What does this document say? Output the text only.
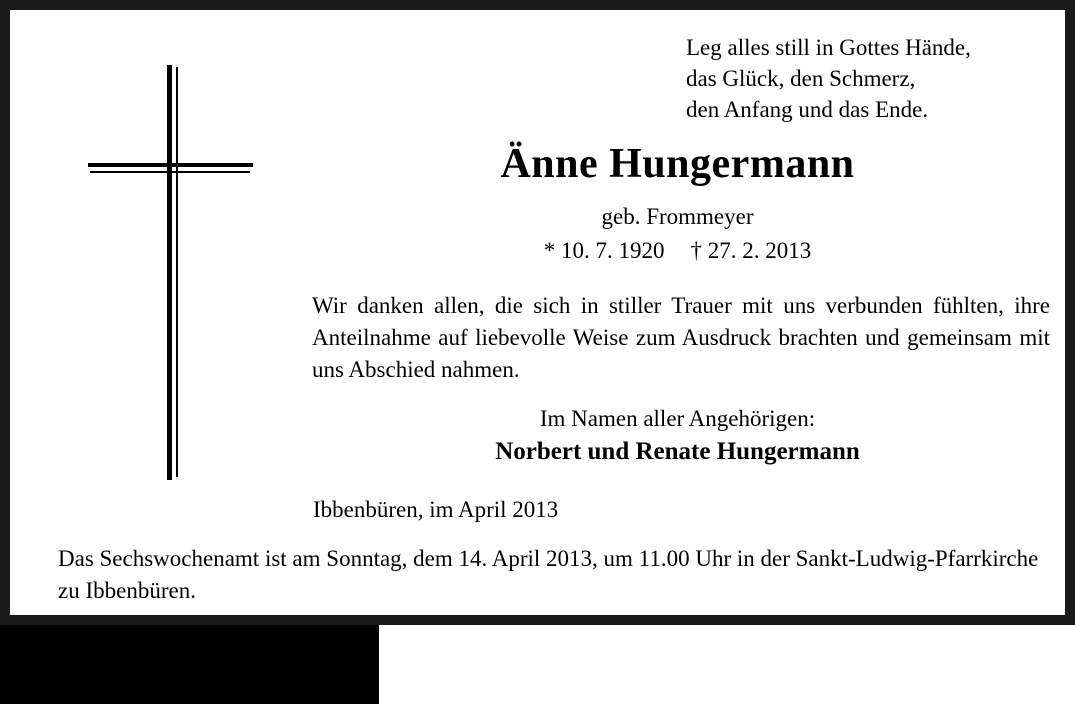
Leg alles still in Gottes Hände,
das Glück, den Schmerz,
den Anfang und das Ende.
Änne Hungermann
geb. Frommeyer
* 10. 7. 1920 † 27. 2. 2013
Wir danken allen, die sich in stiller Trauer mit uns verbunden fühlten, ihre Anteilnahme auf liebevolle Weise zum Ausdruck brachten und gemeinsam mit uns Abschied nahmen.
Im Namen aller Angehörigen:
Norbert und Renate Hungermann
Ibbenbüren, im April 2013
Das Sechswochenamt ist am Sonntag, dem 14. April 2013, um 11.00 Uhr in der Sankt-Ludwig-Pfarrkirche zu Ibbenbüren.
